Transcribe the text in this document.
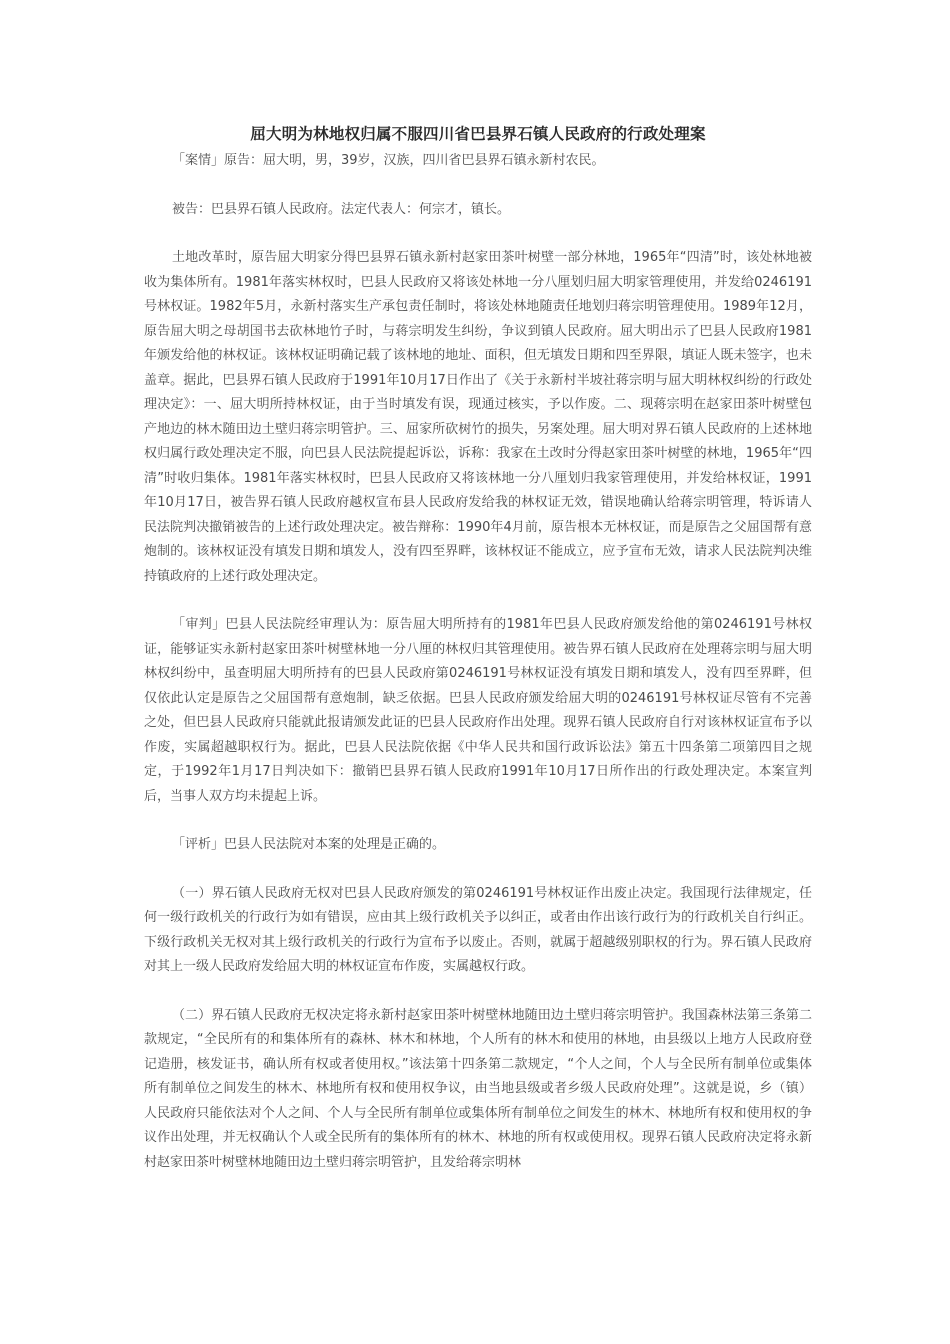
屈大明为林地权归属不服四川省巴县界石镇人民政府的行政处理案

「案情」原告：屈大明，男，39岁，汉族，四川省巴县界石镇永新村农民。

被告：巴县界石镇人民政府。法定代表人：何宗才，镇长。

土地改革时，原告屈大明家分得巴县界石镇永新村赵家田茶叶树壁一部分林地，1965年“四清”时，该处林地被收为集体所有。1981年落实林权时，巴县人民政府又将该处林地一分八厘划归屈大明家管理使用，并发给0246191号林权证。1982年5月，永新村落实生产承包责任制时，将该处林地随责任地划归蒋宗明管理使用。1989年12月，原告屈大明之母胡国书去砍林地竹子时，与蒋宗明发生纠纷，争议到镇人民政府。屈大明出示了巴县人民政府1981年颁发给他的林权证。该林权证明确记载了该林地的地址、面积，但无填发日期和四至界限，填证人既未签字，也未盖章。据此，巴县界石镇人民政府于1991年10月17日作出了《关于永新村半坡社蒋宗明与屈大明林权纠纷的行政处理决定》：一、屈大明所持林权证，由于当时填发有误，现通过核实，予以作废。二、现蒋宗明在赵家田茶叶树壁包产地边的林木随田边土壁归蒋宗明管护。三、屈家所砍树竹的损失，另案处理。屈大明对界石镇人民政府的上述林地权归属行政处理决定不服，向巴县人民法院提起诉讼，诉称：我家在土改时分得赵家田茶叶树壁的林地，1965年“四清”时收归集体。1981年落实林权时，巴县人民政府又将该林地一分八厘划归我家管理使用，并发给林权证，1991年10月17日，被告界石镇人民政府越权宣布县人民政府发给我的林权证无效，错误地确认给蒋宗明管理，特诉请人民法院判决撤销被告的上述行政处理决定。被告辩称：1990年4月前，原告根本无林权证，而是原告之父屈国帮有意炮制的。该林权证没有填发日期和填发人，没有四至界畔，该林权证不能成立，应予宣布无效，请求人民法院判决维持镇政府的上述行政处理决定。

「审判」巴县人民法院经审理认为：原告屈大明所持有的1981年巴县人民政府颁发给他的第0246191号林权证，能够证实永新村赵家田茶叶树壁林地一分八厘的林权归其管理使用。被告界石镇人民政府在处理蒋宗明与屈大明林权纠纷中，虽查明屈大明所持有的巴县人民政府第0246191号林权证没有填发日期和填发人，没有四至界畔，但仅依此认定是原告之父屈国帮有意炮制，缺乏依据。巴县人民政府颁发给屈大明的0246191号林权证尽管有不完善之处，但巴县人民政府只能就此报请颁发此证的巴县人民政府作出处理。现界石镇人民政府自行对该林权证宣布予以作废，实属超越职权行为。据此，巴县人民法院依据《中华人民共和国行政诉讼法》第五十四条第二项第四目之规定，于1992年1月17日判决如下：撤销巴县界石镇人民政府1991年10月17日所作出的行政处理决定。本案宣判后，当事人双方均未提起上诉。

「评析」巴县人民法院对本案的处理是正确的。

（一）界石镇人民政府无权对巴县人民政府颁发的第0246191号林权证作出废止决定。我国现行法律规定，任何一级行政机关的行政行为如有错误，应由其上级行政机关予以纠正，或者由作出该行政行为的行政机关自行纠正。下级行政机关无权对其上级行政机关的行政行为宣布予以废止。否则，就属于超越级别职权的行为。界石镇人民政府对其上一级人民政府发给屈大明的林权证宣布作废，实属越权行政。

（二）界石镇人民政府无权决定将永新村赵家田茶叶树壁林地随田边土壁归蒋宗明管护。我国森林法第三条第二款规定，“全民所有的和集体所有的森林、林木和林地，个人所有的林木和使用的林地，由县级以上地方人民政府登记造册，核发证书，确认所有权或者使用权。”该法第十四条第二款规定，“个人之间，个人与全民所有制单位或集体所有制单位之间发生的林木、林地所有权和使用权争议，由当地县级或者乡级人民政府处理”。这就是说，乡（镇）人民政府只能依法对个人之间、个人与全民所有制单位或集体所有制单位之间发生的林木、林地所有权和使用权的争议作出处理，并无权确认个人或全民所有的集体所有的林木、林地的所有权或使用权。现界石镇人民政府决定将永新村赵家田茶叶树壁林地随田边土壁归蒋宗明管护，且发给蒋宗明林
